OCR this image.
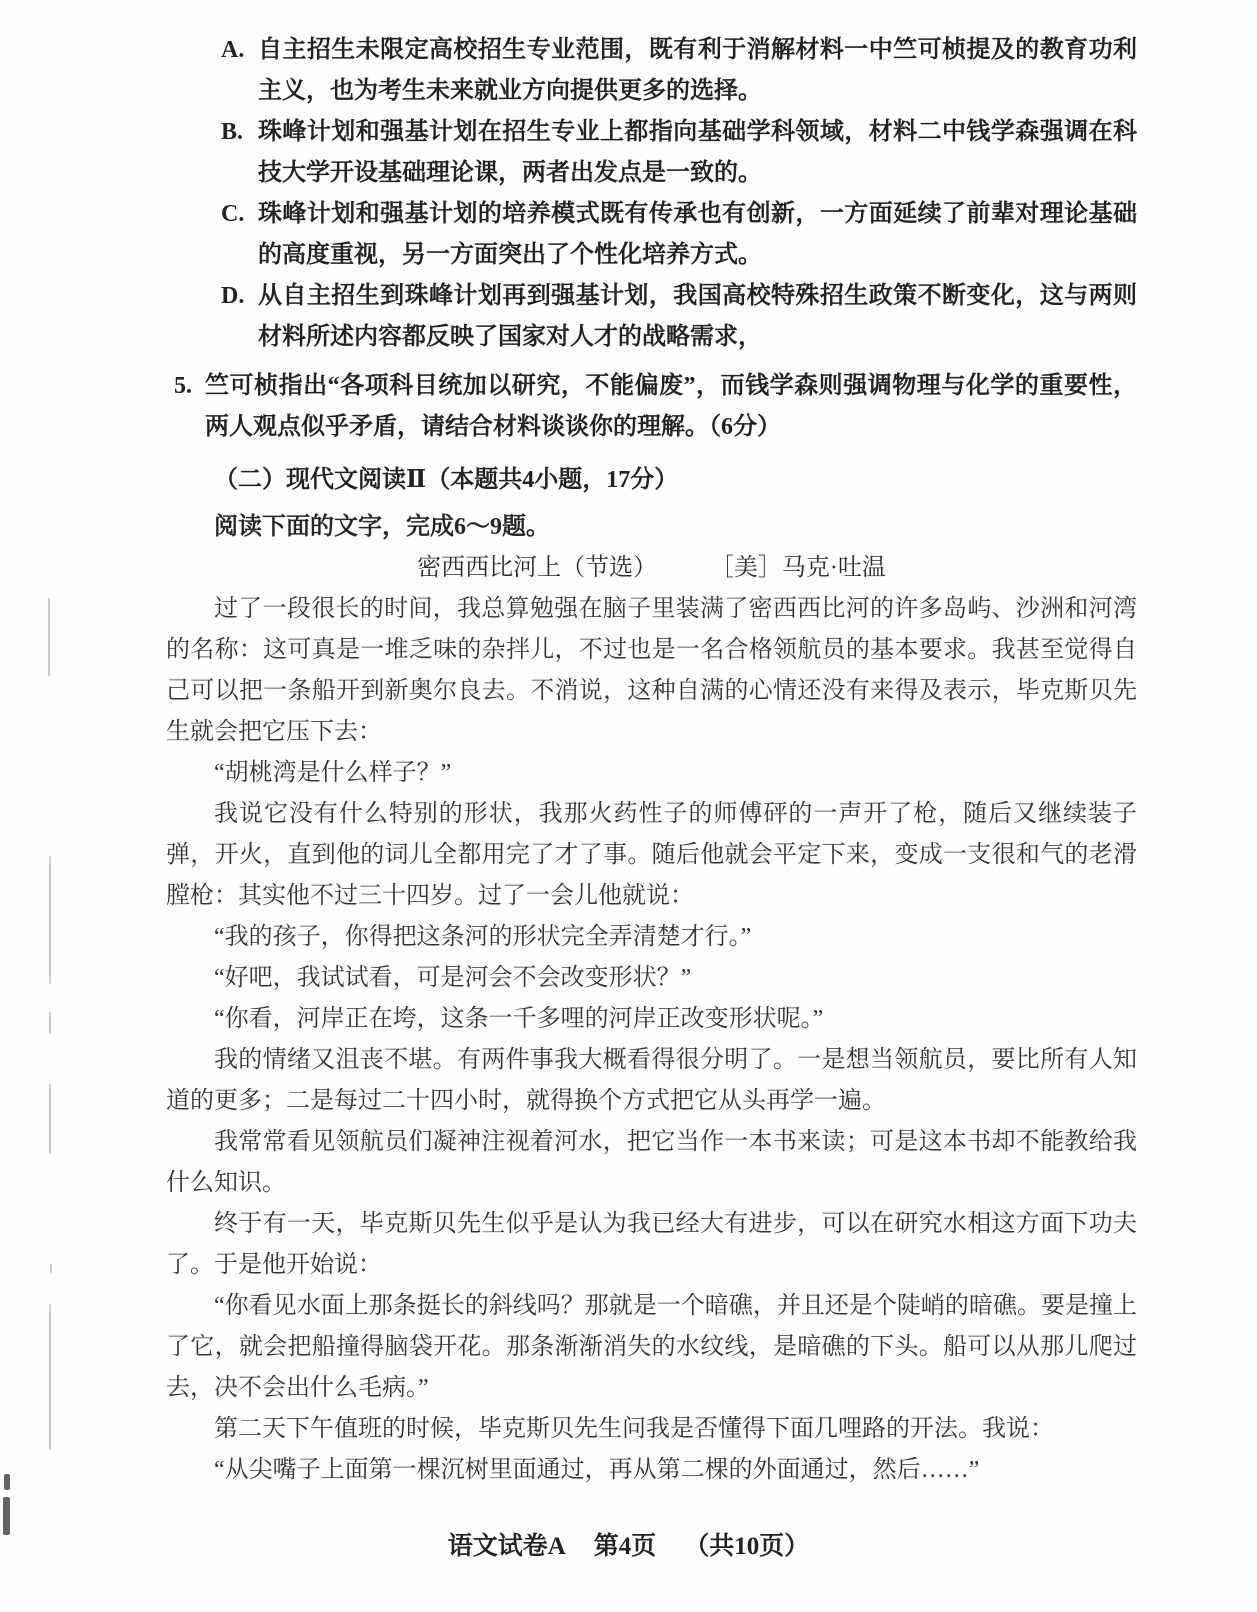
A. 自主招生未限定高校招生专业范围，既有利于消解材料一中竺可桢提及的教育功利主义，也为考生未来就业方向提供更多的选择。
B. 珠峰计划和强基计划在招生专业上都指向基础学科领域，材料二中钱学森强调在科技大学开设基础理论课，两者出发点是一致的。
C. 珠峰计划和强基计划的培养模式既有传承也有创新，一方面延续了前辈对理论基础的高度重视，另一方面突出了个性化培养方式。
D. 从自主招生到珠峰计划再到强基计划，我国高校特殊招生政策不断变化，这与两则材料所述内容都反映了国家对人才的战略需求，
5. 竺可桢指出“各项科目统加以研究，不能偏废”，而钱学森则强调物理与化学的重要性，两人观点似乎矛盾，请结合材料谈谈你的理解。（6分）
（二）现代文阅读Ⅱ（本题共4小题，17分）
阅读下面的文字，完成6～9题。
密西西比河上（节选） ［美］马克·吐温

过了一段很长的时间，我总算勉强在脑子里装满了密西西比河的许多岛屿、沙洲和河湾的名称：这可真是一堆乏味的杂拌儿，不过也是一名合格领航员的基本要求。我甚至觉得自己可以把一条船开到新奥尔良去。不消说，这种自满的心情还没有来得及表示，毕克斯贝先生就会把它压下去：

“胡桃湾是什么样子？”

我说它没有什么特别的形状，我那火药性子的师傅砰的一声开了枪，随后又继续装子弹，开火，直到他的词儿全都用完了才了事。随后他就会平定下来，变成一支很和气的老滑膛枪：其实他不过三十四岁。过了一会儿他就说：

“我的孩子，你得把这条河的形状完全弄清楚才行。”

“好吧，我试试看，可是河会不会改变形状？”

“你看，河岸正在垮，这条一千多哩的河岸正改变形状呢。”

我的情绪又沮丧不堪。有两件事我大概看得很分明了。一是想当领航员，要比所有人知道的更多；二是每过二十四小时，就得换个方式把它从头再学一遍。

我常常看见领航员们凝神注视着河水，把它当作一本书来读；可是这本书却不能教给我什么知识。

终于有一天，毕克斯贝先生似乎是认为我已经大有进步，可以在研究水相这方面下功夫了。于是他开始说：

“你看见水面上那条挺长的斜线吗？那就是一个暗礁，并且还是个陡峭的暗礁。要是撞上了它，就会把船撞得脑袋开花。那条渐渐消失的水纹线，是暗礁的下头。船可以从那儿爬过去，决不会出什么毛病。”

第二天下午值班的时候，毕克斯贝先生问我是否懂得下面几哩路的开法。我说：

“从尖嘴子上面第一棵沉树里面通过，再从第二棵的外面通过，然后……”

语文试卷A 第4页 （共10页）
